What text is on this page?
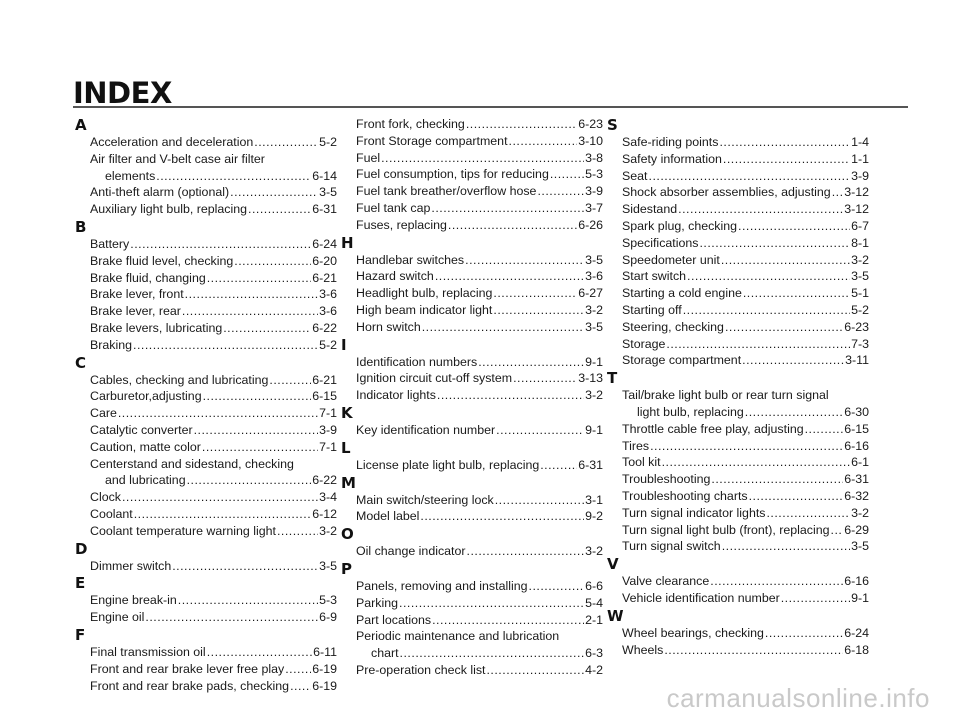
INDEX
A
Acceleration and deceleration .....	5-2
Air filter and V-belt case air filter
elements .....	6-14
Anti-theft alarm (optional) .....	3-5
Auxiliary light bulb, replacing .....	6-31
B
Battery .....	6-24
Brake fluid level, checking .....	6-20
Brake fluid, changing .....	6-21
Brake lever, front .....	3-6
Brake lever, rear .....	3-6
Brake levers, lubricating .....	6-22
Braking .....	5-2
C
Cables, checking and lubricating .....	6-21
Carburetor,adjusting .....	6-15
Care .....	7-1
Catalytic converter .....	3-9
Caution, matte color .....	7-1
Centerstand and sidestand, checking
and lubricating .....	6-22
Clock .....	3-4
Coolant .....	6-12
Coolant temperature warning light .....	3-2
D
Dimmer switch .....	3-5
E
Engine break-in .....	5-3
Engine oil .....	6-9
F
Final transmission oil .....	6-11
Front and rear brake lever free play ..... 6-19
Front and rear brake pads, checking ..... 6-19
Front fork, checking .....	6-23
Front Storage compartment .....	3-10
Fuel .....	3-8
Fuel consumption, tips for reducing .....	5-3
Fuel tank breather/overflow hose .....	3-9
Fuel tank cap .....	3-7
Fuses, replacing .....	6-26
H
Handlebar switches .....	3-5
Hazard switch .....	3-6
Headlight bulb, replacing .....	6-27
High beam indicator light .....	3-2
Horn switch .....	3-5
I
Identification numbers .....	9-1
Ignition circuit cut-off system .....	3-13
Indicator lights .....	3-2
K
Key identification number .....	9-1
L
License plate light bulb, replacing .....	6-31
M
Main switch/steering lock .....	3-1
Model label .....	9-2
O
Oil change indicator .....	3-2
P
Panels, removing and installing .....	6-6
Parking .....	5-4
Part locations .....	2-1
Periodic maintenance and lubrication
chart .....	6-3
Pre-operation check list .....	4-2
S
Safe-riding points .....	1-4
Safety information .....	1-1
Seat .....	3-9
Shock absorber assemblies, adjusting ..... 3-12
Sidestand .....	3-12
Spark plug, checking .....	6-7
Specifications .....	8-1
Speedometer unit .....	3-2
Start switch .....	3-5
Starting a cold engine .....	5-1
Starting off .....	5-2
Steering, checking .....	6-23
Storage .....	7-3
Storage compartment .....	3-11
T
Tail/brake light bulb or rear turn signal
light bulb, replacing .....	6-30
Throttle cable free play, adjusting .....	6-15
Tires .....	6-16
Tool kit .....	6-1
Troubleshooting .....	6-31
Troubleshooting charts .....	6-32
Turn signal indicator lights .....	3-2
Turn signal light bulb (front), replacing ..... 6-29
Turn signal switch .....	3-5
V
Valve clearance .....	6-16
Vehicle identification number .....	9-1
W
Wheel bearings, checking .....	6-24
Wheels .....	6-18
carmanualsonline.info
